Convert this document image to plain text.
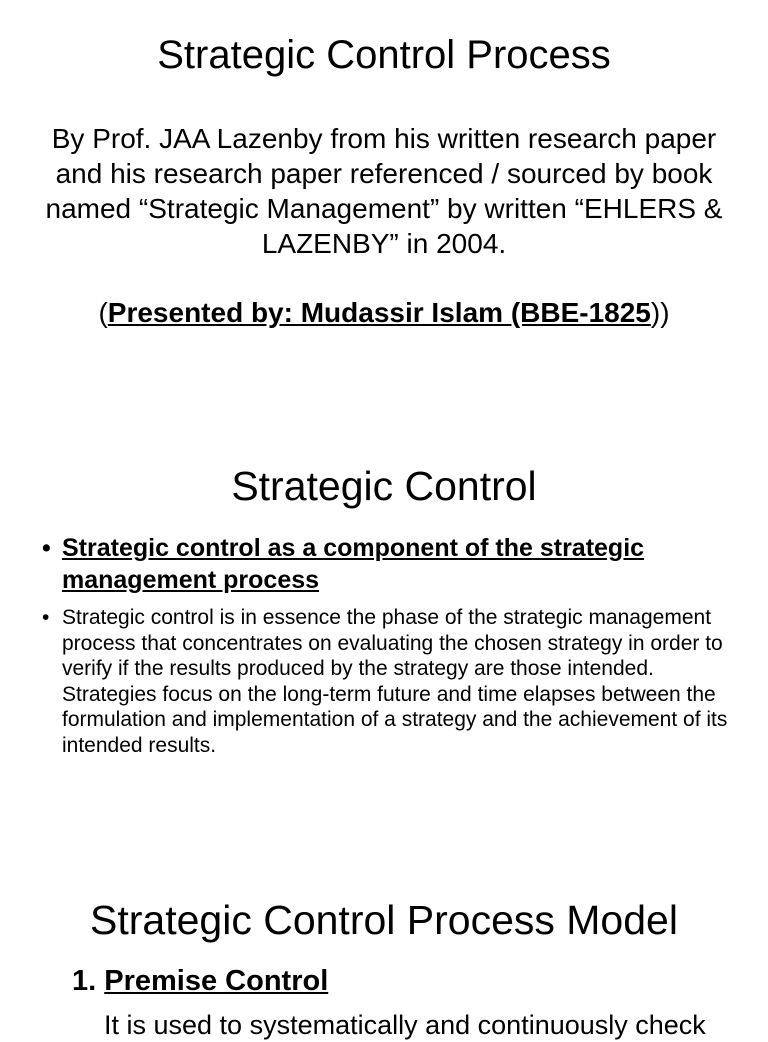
Strategic Control Process

By Prof. JAA Lazenby from his written research paper and his research paper referenced / sourced by book named “Strategic Management” by written “EHLERS & LAZENBY” in 2004.

(Presented by: Mudassir Islam (BBE-1825))

Strategic Control

• Strategic control as a component of the strategic management process

• Strategic control is in essence the phase of the strategic management process that concentrates on evaluating the chosen strategy in order to verify if the results produced by the strategy are those intended. Strategies focus on the long-term future and time elapses between the formulation and implementation of a strategy and the achievement of its intended results.

Strategic Control Process Model

1. Premise Control

It is used to systematically and continuously check
